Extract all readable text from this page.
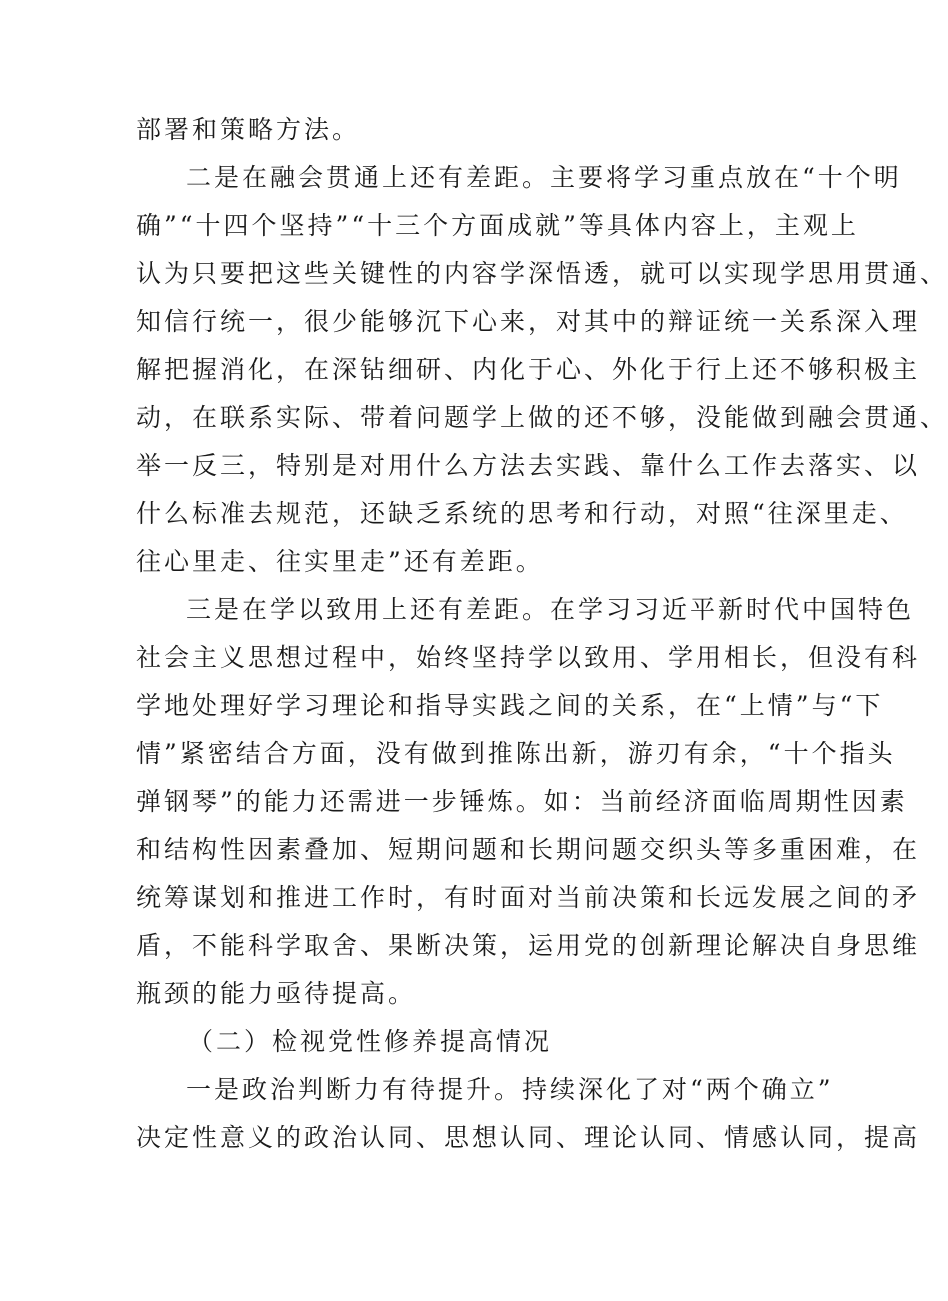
部署和策略方法。
二是在融会贯通上还有差距。主要将学习重点放在“十个明
确”“十四个坚持”“十三个方面成就”等具体内容上，主观上
认为只要把这些关键性的内容学深悟透，就可以实现学思用贯通、
知信行统一，很少能够沉下心来，对其中的辩证统一关系深入理
解把握消化，在深钻细研、内化于心、外化于行上还不够积极主
动，在联系实际、带着问题学上做的还不够，没能做到融会贯通、
举一反三，特别是对用什么方法去实践、靠什么工作去落实、以
什么标准去规范，还缺乏系统的思考和行动，对照“往深里走、
往心里走、往实里走”还有差距。
三是在学以致用上还有差距。在学习习近平新时代中国特色
社会主义思想过程中，始终坚持学以致用、学用相长，但没有科
学地处理好学习理论和指导实践之间的关系，在“上情”与“下
情”紧密结合方面，没有做到推陈出新，游刃有余，“十个指头
弹钢琴”的能力还需进一步锤炼。如：当前经济面临周期性因素
和结构性因素叠加、短期问题和长期问题交织头等多重困难，在
统筹谋划和推进工作时，有时面对当前决策和长远发展之间的矛
盾，不能科学取舍、果断决策，运用党的创新理论解决自身思维
瓶颈的能力亟待提高。
（二）检视党性修养提高情况
一是政治判断力有待提升。持续深化了对“两个确立”
决定性意义的政治认同、思想认同、理论认同、情感认同，提高
